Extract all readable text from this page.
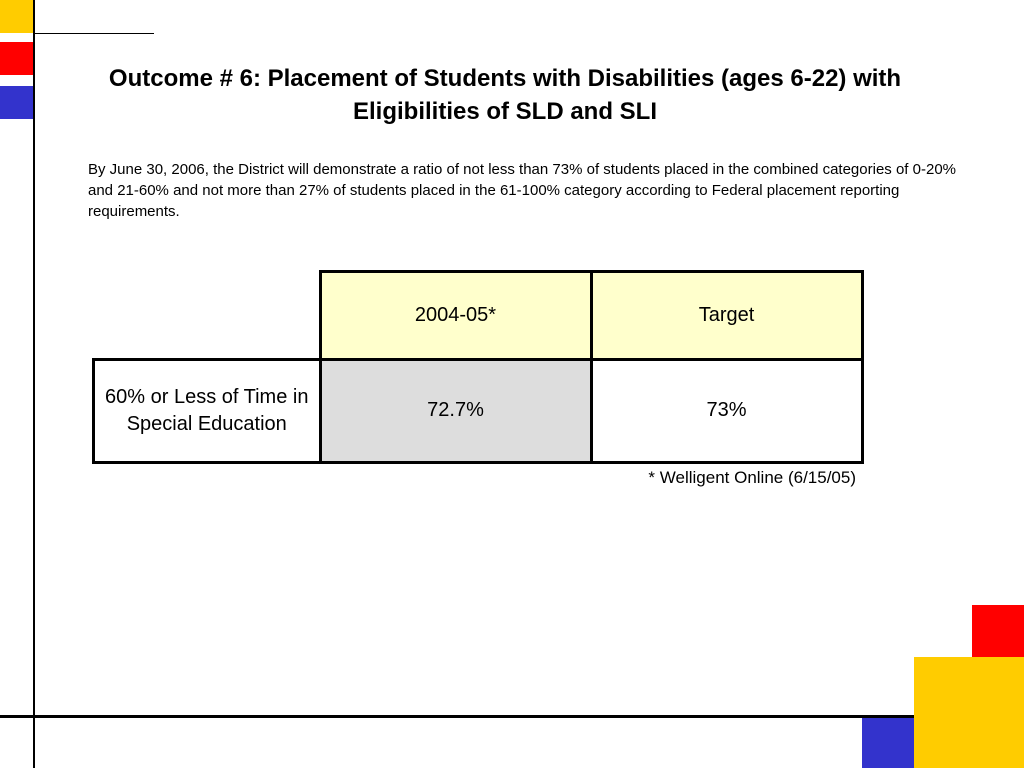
Outcome # 6: Placement of Students with Disabilities (ages 6-22) with Eligibilities of SLD and SLI

By June 30, 2006, the District will demonstrate a ratio of not less than 73% of students placed in the combined categories of 0-20% and 21-60% and not more than 27% of students placed in the 61-100% category according to Federal placement reporting requirements.

	2004-05*	Target
60% or Less of Time in Special Education	72.7%	73%

* Welligent Online (6/15/05)
